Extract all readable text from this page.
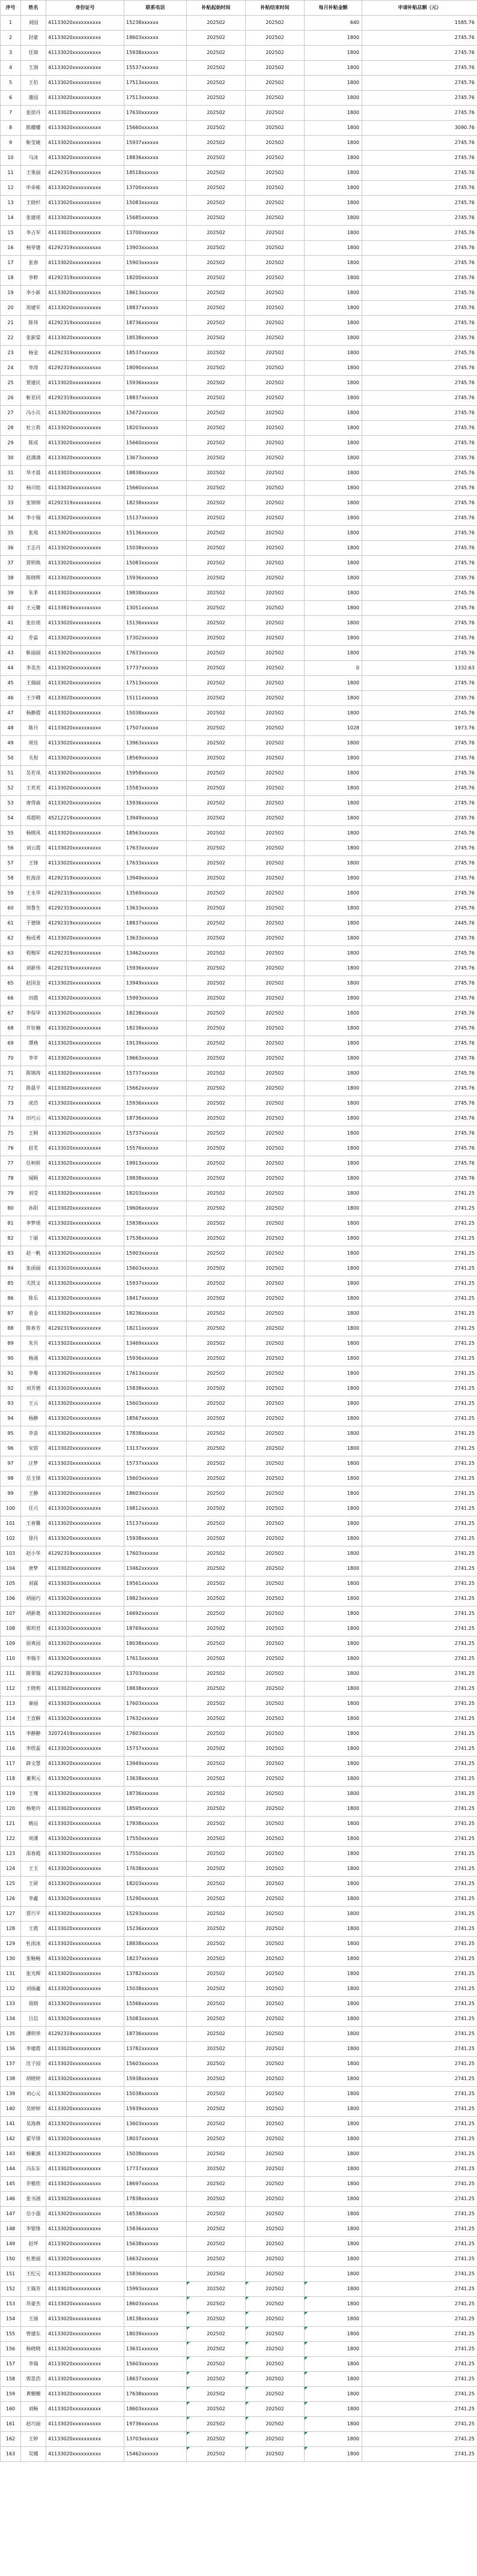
序号	姓名	身份证号	联系电话	补贴起始时间	补贴结束时间	每月补贴金额	申请补贴总额（元）
1	刘园	41133020xxxxxxxxxx	15238xxxxxx	202502	202502	640	1585.76
2	封豪	41133020xxxxxxxxxx	18603xxxxxx	202502	202502	1800	2745.76
3	任锦	41133020xxxxxxxxxx	15938xxxxxx	202502	202502	1800	2745.76
4	王润	41133020xxxxxxxxxx	15537xxxxxx	202502	202502	1800	2745.76
5	王伯	41133020xxxxxxxxxx	17513xxxxxx	202502	202502	1800	2745.76
6	蒲园	41133020xxxxxxxxxx	17513xxxxxx	202502	202502	1800	2745.76
7	张徐丹	41133020xxxxxxxxxx	17630xxxxxx	202502	202502	1800	2745.76
8	陈耀耀	41133020xxxxxxxxxx	15660xxxxxx	202502	202502	1800	3090.76
9	靳莹婕	41133020xxxxxxxxxx	15937xxxxxx	202502	202502	1800	2745.76
10	马冰	41133020xxxxxxxxxx	18836xxxxxx	202502	202502	1800	2745.76
11	王果丽	41292319xxxxxxxxxx	18518xxxxxx	202502	202502	1800	2745.76
12	申弟栋	41133020xxxxxxxxxx	13700xxxxxx	202502	202502	1800	2745.76
13	王晓杉	41133020xxxxxxxxxx	15083xxxxxx	202502	202502	1800	2745.76
14	张建瑶	41133020xxxxxxxxxx	15685xxxxxx	202502	202502	1800	2745.76
15	李占军	41133020xxxxxxxxxx	13700xxxxxx	202502	202502	1800	2745.76
16	杨穿建	41292319xxxxxxxxxx	13903xxxxxx	202502	202502	1800	2745.76
17	张春	41133020xxxxxxxxxx	15903xxxxxx	202502	202502	1800	2745.76
18	李粹	41292319xxxxxxxxxx	18200xxxxxx	202502	202502	1800	2745.76
19	李小新	41133020xxxxxxxxxx	18613xxxxxx	202502	202502	1800	2745.76
20	周建军	41133020xxxxxxxxxx	18837xxxxxx	202502	202502	1800	2745.76
21	陈伟	41292319xxxxxxxxxx	18736xxxxxx	202502	202502	1800	2745.76
22	张新棠	41133020xxxxxxxxxx	18538xxxxxx	202502	202502	1800	2745.76
23	杨金	41292319xxxxxxxxxx	18537xxxxxx	202502	202502	1800	2745.76
24	李涛	41292319xxxxxxxxxx	18090xxxxxx	202502	202502	1800	2745.76
25	贾建民	41133020xxxxxxxxxx	15936xxxxxx	202502	202502	1800	2745.76
26	靳亚同	41292319xxxxxxxxxx	18837xxxxxx	202502	202502	1800	2745.76
27	冯小兵	41133020xxxxxxxxxx	15672xxxxxx	202502	202502	1800	2745.76
28	杜立荷	41133020xxxxxxxxxx	18203xxxxxx	202502	202502	1800	2745.76
29	陈成	41133020xxxxxxxxxx	15660xxxxxx	202502	202502	1800	2745.76
30	赵满满	41133020xxxxxxxxxx	13673xxxxxx	202502	202502	1800	2745.76
31	华才晨	41133020xxxxxxxxxx	18838xxxxxx	202502	202502	1800	2745.76
32	杨司焰	41133020xxxxxxxxxx	15660xxxxxx	202502	202502	1800	2745.76
33	张锦锦	41292319xxxxxxxxxx	18238xxxxxx	202502	202502	1800	2745.76
34	李小锡	41133020xxxxxxxxxx	15137xxxxxx	202502	202502	1800	2745.76
35	张苑	41133020xxxxxxxxxx	15136xxxxxx	202502	202502	1800	2745.76
36	王志丹	41133020xxxxxxxxxx	15038xxxxxx	202502	202502	1800	2745.76
37	贾明焕	41133020xxxxxxxxxx	15083xxxxxx	202502	202502	1800	2745.76
38	陈晓辉	41133020xxxxxxxxxx	15936xxxxxx	202502	202502	1800	2745.76
39	朱茅	41133020xxxxxxxxxx	19838xxxxxx	202502	202502	1800	2745.76
40	王元馨	41133819xxxxxxxxxx	13051xxxxxx	202502	202502	1800	2745.76
41	张拉瑶	41133020xxxxxxxxxx	15136xxxxxx	202502	202502	1800	2745.76
42	乔蕊	41133020xxxxxxxxxx	17302xxxxxx	202502	202502	1800	2745.76
43	靳丽丽	41133020xxxxxxxxxx	17633xxxxxx	202502	202502	1800	2745.76
44	李美杰	41133020xxxxxxxxxx	17737xxxxxx	202502	202502	0	1332.63
45	王瑞丽	41133020xxxxxxxxxx	17513xxxxxx	202502	202502	1800	2745.76
46	王少卿	41133020xxxxxxxxxx	15111xxxxxx	202502	202502	1800	2745.76
47	杨静霞	41133020xxxxxxxxxx	15038xxxxxx	202502	202502	1800	2745.76
48	陈丹	41133020xxxxxxxxxx	17507xxxxxx	202502	202502	1028	1973.76
49	周佳	41133020xxxxxxxxxx	13963xxxxxx	202502	202502	1800	2745.76
50	关倪	41133020xxxxxxxxxx	18569xxxxxx	202502	202502	1800	2745.76
51	吴若凤	41133020xxxxxxxxxx	15958xxxxxx	202502	202502	1800	2745.76
52	王欢欢	41133020xxxxxxxxxx	15583xxxxxx	202502	202502	1800	2745.76
53	唐得森	41133020xxxxxxxxxx	15936xxxxxx	202502	202502	1800	2745.76
54	邓超明	45212219xxxxxxxxxx	13949xxxxxx	202502	202502	1800	2745.76
55	杨晓凤	41133020xxxxxxxxxx	18563xxxxxx	202502	202502	1800	2745.76
56	刘云霞	41133020xxxxxxxxxx	17633xxxxxx	202502	202502	1800	2745.76
57	王锋	41133020xxxxxxxxxx	17633xxxxxx	202502	202502	1800	2745.76
58	杜海彦	41292319xxxxxxxxxx	13949xxxxxx	202502	202502	1800	2745.76
59	王永华	41292319xxxxxxxxxx	13569xxxxxx	202502	202502	1800	2745.76
60	周鲁生	41292319xxxxxxxxxx	13633xxxxxx	202502	202502	1800	2745.76
61	于德锋	41292319xxxxxxxxxx	18837xxxxxx	202502	202502	1800	2445.76
62	杨成勇	41133020xxxxxxxxxx	13633xxxxxx	202502	202502	1800	2745.76
63	程梅军	41292319xxxxxxxxxx	13462xxxxxx	202502	202502	1800	2745.76
64	刘新伟	41292319xxxxxxxxxx	15936xxxxxx	202502	202502	1800	2745.76
65	赵国金	41133020xxxxxxxxxx	13949xxxxxx	202502	202502	1800	2745.76
66	田霞	41133020xxxxxxxxxx	15993xxxxxx	202502	202502	1800	2745.76
67	李保华	41133020xxxxxxxxxx	18238xxxxxx	202502	202502	1800	2745.76
68	许钰楠	41133020xxxxxxxxxx	18238xxxxxx	202502	202502	1800	2745.76
69	潭燕	41133020xxxxxxxxxx	19139xxxxxx	202502	202502	1800	2745.76
70	李苹	41133020xxxxxxxxxx	19663xxxxxx	202502	202502	1800	2745.76
71	陈锦涛	41133020xxxxxxxxxx	15737xxxxxx	202502	202502	1800	2745.76
72	陈晨平	41133020xxxxxxxxxx	15662xxxxxx	202502	202502	1800	2745.76
73	虎浩	41133020xxxxxxxxxx	15936xxxxxx	202502	202502	1800	2745.76
74	田巧云	41133020xxxxxxxxxx	18736xxxxxx	202502	202502	1800	2745.76
75	王顾	41133020xxxxxxxxxx	15737xxxxxx	202502	202502	1800	2745.76
76	赵芜	41133020xxxxxxxxxx	15576xxxxxx	202502	202502	1800	2745.76
77	任柯桥	41133020xxxxxxxxxx	19913xxxxxx	202502	202502	1800	2745.76
78	闻顾	41133020xxxxxxxxxx	19838xxxxxx	202502	202502	1800	2745.76
79	刘莹	41133020xxxxxxxxxx	18203xxxxxx	202502	202502	1800	2741.25
80	孙阳	41133020xxxxxxxxxx	19606xxxxxx	202502	202502	1800	2741.25
81	李梦瑶	41133020xxxxxxxxxx	15838xxxxxx	202502	202502	1800	2741.25
82	丁硕	41133020xxxxxxxxxx	17538xxxxxx	202502	202502	1800	2741.25
83	赵一帆	41133020xxxxxxxxxx	15903xxxxxx	202502	202502	1800	2741.25
84	张函丽	41133020xxxxxxxxxx	15603xxxxxx	202502	202502	1800	2741.25
85	关凯文	41133020xxxxxxxxxx	15937xxxxxx	202502	202502	1800	2741.25
86	陈乐	41133020xxxxxxxxxx	18417xxxxxx	202502	202502	1800	2741.25
87	袁金	41133020xxxxxxxxxx	18236xxxxxx	202502	202502	1800	2741.25
88	陈春芳	41292319xxxxxxxxxx	18211xxxxxx	202502	202502	1800	2741.25
89	朱贝	41133020xxxxxxxxxx	13469xxxxxx	202502	202502	1800	2741.25
90	杨涌	41133020xxxxxxxxxx	15936xxxxxx	202502	202502	1800	2741.25
91	李菊	41133020xxxxxxxxxx	17613xxxxxx	202502	202502	1800	2741.25
92	刘芳德	41133020xxxxxxxxxx	15838xxxxxx	202502	202502	1800	2741.25
93	王云	41133020xxxxxxxxxx	15603xxxxxx	202502	202502	1800	2741.25
94	杨静	41133020xxxxxxxxxx	18567xxxxxx	202502	202502	1800	2741.25
95	李苗	41133020xxxxxxxxxx	17838xxxxxx	202502	202502	1800	2741.25
96	宋铭	41133020xxxxxxxxxx	13137xxxxxx	202502	202502	1800	2741.25
97	汪梦	41133020xxxxxxxxxx	15737xxxxxx	202502	202502	1800	2741.25
98	岳玉锋	41133020xxxxxxxxxx	15603xxxxxx	202502	202502	1800	2741.25
99	王静	41133020xxxxxxxxxx	18603xxxxxx	202502	202502	1800	2741.25
100	任兴	41133020xxxxxxxxxx	19812xxxxxx	202502	202502	1800	2741.25
101	王春馨	41133020xxxxxxxxxx	15137xxxxxx	202502	202502	1800	2741.25
102	徐丹	41133020xxxxxxxxxx	15938xxxxxx	202502	202502	1800	2741.25
103	赵小华	41292319xxxxxxxxxx	17603xxxxxx	202502	202502	1800	2741.25
104	唐梦	41133020xxxxxxxxxx	13462xxxxxx	202502	202502	1800	2741.25
105	刘霖	41133020xxxxxxxxxx	19561xxxxxx	202502	202502	1800	2741.25
106	胡丽巧	41133020xxxxxxxxxx	19823xxxxxx	202502	202502	1800	2741.25
107	胡新葛	41133020xxxxxxxxxx	16692xxxxxx	202502	202502	1800	2741.25
108	郭玥君	41133020xxxxxxxxxx	18769xxxxxx	202502	202502	1800	2741.25
109	屈爽园	41133020xxxxxxxxxx	18038xxxxxx	202502	202502	1800	2741.25
110	李瑞丰	41133020xxxxxxxxxx	17613xxxxxx	202502	202502	1800	2741.25
111	陈翠瑞	41292319xxxxxxxxxx	13703xxxxxx	202502	202502	1800	2741.25
112	王晓莉	41133020xxxxxxxxxx	18838xxxxxx	202502	202502	1800	2741.25
113	秦丽	41133020xxxxxxxxxx	17603xxxxxx	202502	202502	1800	2741.25
114	王直解	41133020xxxxxxxxxx	17632xxxxxx	202502	202502	1800	2741.25
115	李静静	32072419xxxxxxxxxx	17603xxxxxx	202502	202502	1800	2741.25
116	李欣蕊	41133020xxxxxxxxxx	15737xxxxxx	202502	202502	1800	2741.25
117	薛文慧	41133020xxxxxxxxxx	13949xxxxxx	202502	202502	1800	2741.25
118	董利元	41133020xxxxxxxxxx	13638xxxxxx	202502	202502	1800	2741.25
119	王瑾	41133020xxxxxxxxxx	18736xxxxxx	202502	202502	1800	2741.25
120	杨艳玲	41133020xxxxxxxxxx	18595xxxxxx	202502	202502	1800	2741.25
121	姚运	41133020xxxxxxxxxx	17838xxxxxx	202502	202502	1800	2741.25
122	周潇	41133020xxxxxxxxxx	17550xxxxxx	202502	202502	1800	2741.25
123	邵春霞	41133020xxxxxxxxxx	17550xxxxxx	202502	202502	1800	2741.25
124	王玉	41133020xxxxxxxxxx	17638xxxxxx	202502	202502	1800	2741.25
125	王研	41133020xxxxxxxxxx	18203xxxxxx	202502	202502	1800	2741.25
126	李鑫	41133020xxxxxxxxxx	15290xxxxxx	202502	202502	1800	2741.25
127	贾巧平	41133020xxxxxxxxxx	15293xxxxxx	202502	202502	1800	2741.25
128	王霞	41133020xxxxxxxxxx	15236xxxxxx	202502	202502	1800	2741.25
129	杜雨冰	41133020xxxxxxxxxx	18838xxxxxx	202502	202502	1800	2741.25
130	张畅畅	41133020xxxxxxxxxx	18237xxxxxx	202502	202502	1800	2741.25
131	张光辉	41133020xxxxxxxxxx	13782xxxxxx	202502	202502	1800	2741.25
132	刘丽鑫	41133020xxxxxxxxxx	15038xxxxxx	202502	202502	1800	2741.25
133	聂晓	41133020xxxxxxxxxx	15566xxxxxx	202502	202502	1800	2741.25
134	吕信	41133020xxxxxxxxxx	15083xxxxxx	202502	202502	1800	2741.25
135	潘明举	41292319xxxxxxxxxx	18736xxxxxx	202502	202502	1800	2741.25
136	李建霞	41133020xxxxxxxxxx	13782xxxxxx	202502	202502	1800	2741.25
137	沈子园	41133020xxxxxxxxxx	15603xxxxxx	202502	202502	1800	2741.25
138	胡晓婷	41133020xxxxxxxxxx	15938xxxxxx	202502	202502	1800	2741.25
139	刘心元	41133020xxxxxxxxxx	15038xxxxxx	202502	202502	1800	2741.25
140	吴婷婷	41133020xxxxxxxxxx	15939xxxxxx	202502	202502	1800	2741.25
141	吴海燕	41133020xxxxxxxxxx	13603xxxxxx	202502	202502	1800	2741.25
142	翟早锋	41133020xxxxxxxxxx	18037xxxxxx	202502	202502	1800	2741.25
143	杨紫涵	41133020xxxxxxxxxx	15038xxxxxx	202502	202502	1800	2741.25
144	冯东东	41133020xxxxxxxxxx	17737xxxxxx	202502	202502	1800	2741.25
145	乔雅欣	41133020xxxxxxxxxx	18697xxxxxx	202502	202502	1800	2741.25
146	张书涵	41133020xxxxxxxxxx	17838xxxxxx	202502	202502	1800	2741.25
147	岳小强	41133020xxxxxxxxxx	16538xxxxxx	202502	202502	1800	2741.25
148	李银锋	41133020xxxxxxxxxx	15836xxxxxx	202502	202502	1800	2741.25
149	赵坪	41133020xxxxxxxxxx	15638xxxxxx	202502	202502	1800	2741.25
150	杜艳丽	41133020xxxxxxxxxx	16632xxxxxx	202502	202502	1800	2741.25
151	王纪元	41133020xxxxxxxxxx	15836xxxxxx	202502	202502	1800	2741.25
152	王瑞芳	41133020xxxxxxxxxx	15993xxxxxx	202502	202502	1800	2741.25
153	苏豪杰	41133020xxxxxxxxxx	18603xxxxxx	202502	202502	1800	2741.25
154	王涵	41133020xxxxxxxxxx	18138xxxxxx	202502	202502	1800	2741.25
155	曾建东	41133020xxxxxxxxxx	18039xxxxxx	202502	202502	1800	2741.25
156	杨晓晓	41133020xxxxxxxxxx	13631xxxxxx	202502	202502	1800	2741.25
157	李瑞	41133020xxxxxxxxxx	15603xxxxxx	202502	202502	1800	2741.25
158	郭思浩	41133020xxxxxxxxxx	18637xxxxxx	202502	202502	1800	2741.25
159	黄姗姗	41133020xxxxxxxxxx	17638xxxxxx	202502	202502	1800	2741.25
160	刘畅	41133020xxxxxxxxxx	18603xxxxxx	202502	202502	1800	2741.25
161	赵巧丽	41133020xxxxxxxxxx	19736xxxxxx	202502	202502	1800	2741.25
162	王婷	41133020xxxxxxxxxx	13703xxxxxx	202502	202502	1800	2741.25
163	吴娜	41133020xxxxxxxxxx	15462xxxxxx	202502	202502	1800	2741.25
